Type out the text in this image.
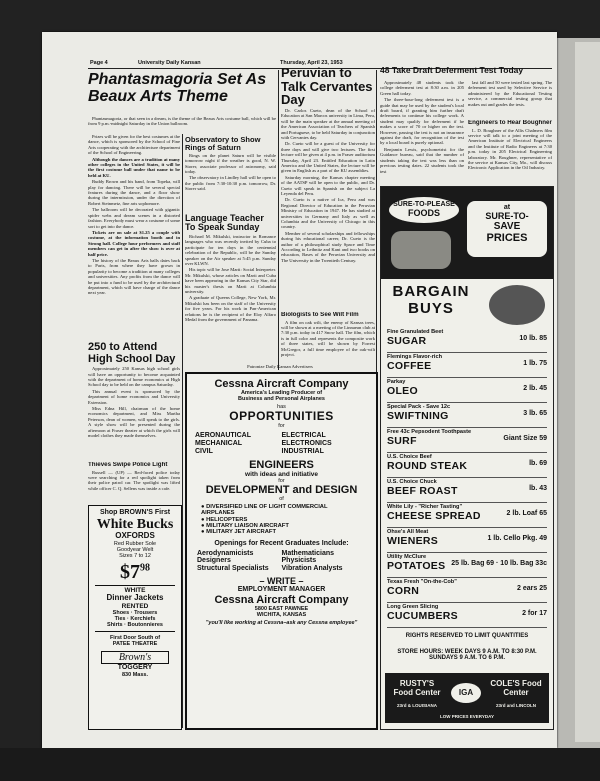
Page 4	University Daily Kansan	Thursday, April 23, 1953

Phantasmagoria Set As Beaux Arts Theme

Phantasmagoria, or that seen in a dream, is the theme of the Beaux Arts costume ball, which will be from 9 p.m.-midnight Saturday in the Union ballroom.

Prizes will be given for the best costumes at the dance, which is sponsored by the School of Fine Arts cooperating with the architecture department of the School of Engineering.

Although the dances are a tradition at many other colleges in the United States, it will be the first costume ball under that name to be held at KU.

Buddy Brown and his band, from Topeka, will play for dancing. There will be several special features during the dance, and a floor show during the intermission, under the direction of Robert Steinmetz, fine arts sophomore.

The ballroom will be decorated with gigantic spider webs and dream scenes in a distorted fashion. Everybody must wear a costume of some sort to get into the dance.

Tickets are on sale at $1.25 a couple with costume, at the information booth and in Strong hall. College hour performers and staff members can get in after the show is over at half price.

The history of the Beaux Arts balls dates back to Paris, from where they have grown in popularity to become a tradition at many colleges and universities. Any profits from the dance will be put into a fund to be used by the architectural department, which will have charge of the dance next year.

250 to Attend High School Day

Approximately 250 Kansas high school girls will have an opportunity to become acquainted with the department of home economics at High School day to be held on the campus Saturday.

This annual event is sponsored by the department of home economics and University Extension.

Miss Edna Hill, chairman of the home economics department, and Miss Martha Peterson, dean of women, will speak to the girls. A style show will be presented during the afternoon at Fraser theater at which the girls will model clothes they made themselves.

Thieves Swipe Police Light

Russell — (UP) — Red-faced police today were searching for a red spotlight taken from their police patrol car. The spotlight was lifted while officer C. Q. Sellens was inside a cafe.

Shop BROWN'S First
White Bucks
OXFORDS
Red Rubber Sole
Goodyear Welt
Sizes 7 to 12
$\$7^{98}$
WHITE
Dinner Jackets
RENTED
Shoes · Trousers
Ties · Kerchiefs
Shirts · Boutonnieres
First Door South of
PATEE THEATRE
Brown's
TOGGERY
830 Mass.

Observatory to Show Rings of Saturn

Rings on the planet Saturn will be visible tomorrow night if the weather is good, N. W. Storer, associate professor of astronomy, said today.

The observatory in Lindley hall will be open to the public from 7:30-10:30 p.m. tomorrow, Dr. Storer said.

Language Teacher To Speak Sunday

Richard M. Mikulski, instructor in Romance languages who was recently invited by Cuba to participate for ten days in the centennial celebration of the Republic, will be the Sunday speaker on the Air speaker at 5:45 p.m. Sunday over KLWN.

His topic will be Jose Marti: Social Interpreter. Mr. Mikulski, whose articles on Marti and Cuba have been appearing in the Kansas City Star, did his master's thesis on Marti at Columbia university.

A graduate of Queens College, New York, Mr. Mikulski has been on the staff of the University for five years. For his work in Pan-American relations he is the recipient of the Eloy Alfaro Medal from the government of Panama.

Patronize Daily Kansan Advertisers

Peruvian to Talk Cervantes Day

Dr. Carlos Cueto, dean of the School of Education at San Marcos university in Lima, Peru, will be the main speaker at the annual meeting of the American Association of Teachers of Spanish and Portuguese, to be held Saturday in conjunction with Cervantes day.

Dr. Cueto will be a guest of the University for three days and will give two lectures. The first lecture will be given at 4 p.m. in Fraser auditorium Thursday, April 23. Entitled Education in Latin America and the United States, the lecture will be given in English as a part of the KU assemblies.

Saturday morning, the Kansas chapter meeting of the AATSP will be open to the public, and Dr. Cueto will speak in Spanish on the subject La Leyenda del Peru.

Dr. Cueto is a native of Ica, Peru and was Regional Director of Education in the Peruvian Ministry of Education in 1947. He has studied at universities in Germany and Italy as well as Columbia and the University of Chicago in this country.

Member of several scholarships and fellowships during his educational career, Dr. Cueto is the author of a philosophical study Space and Time According to Leibnitz and Kant and two books on education, Bases of the Peruvian University and The University in the Twentieth Century.

Biologists to See Wilt Film

A film on oak wilt, the enemy of Kansas trees, will be shown at a meeting of the Linnaean club at 7:30 p.m. today in 417 Snow hall. The film, which is in full color and represents the composite work of three states, will be shown by Forrest McGregor, a full time employee of the oak-wilt project.

Cessna Aircraft Company
America's Leading Producer of
Business and Personal Airplanes
has
OPPORTUNITIES
for
AERONAUTICAL	ELECTRICAL
MECHANICAL	ELECTRONICS
CIVIL	INDUSTRIAL
ENGINEERS
with ideas and initiative
for
DEVELOPMENT and DESIGN
of
● DIVERSIFIED LINE OF LIGHT COMMERCIAL AIRPLANES
● HELICOPTERS
● MILITARY LIAISON AIRCRAFT
● MILITARY JET AIRCRAFT
Openings for Recent Graduates Include:
Aerodynamicists	Mathematicians
Designers	Physicists
Structural Specialists	Vibration Analysts
– WRITE –
EMPLOYMENT MANAGER
Cessna Aircraft Company
5800 EAST PAWNEE
WICHITA, KANSAS
"you'll like working at Cessna–ask any Cessna employee"

48 Take Draft Deferment Test Today

Approximately 48 students took the college deferment test at 8:30 a.m. in 205 Green hall today.

The three-hour-long deferment test is a guide that may be used by the student's local draft board, if granting him further draft deferments to continue his college work. A student may qualify for deferment if he makes a score of 70 or higher on the test. However, passing the test is not an insurance against the draft, for recognition of the test by a local board is purely optional.

Benjamin Lewis, psychometrist for the Guidance bureau, said that the number of students taking the test was less than on previous testing dates. 22 students took the test

last fall and 50 were tested last spring. The deferment test used by Selective Service is administered by the Educational Testing service, a commercial testing group that makes out and grades the tests.

Engineers to Hear Boughner

L. D. Boughner of the Allis Chalmers film service will talk to a joint meeting of the American Institute of Electrical Engineers and the Institute of Radio Engineers at 7:30 p.m. today in 205 Electrical Engineering laboratory. Mr. Boughner, representative of the service at Kansas City, Mo., will discuss Electronic Application in the Oil Industry.

SURE-TO-PLEASE
FOODS
at
SURE-TO-
SAVE
PRICES
BARGAIN
BUYS
Fine Granulated Beet
SUGAR	10 lb. 85
Flemings Flavor-rich
COFFEE	1 lb. 75
Parkay
OLEO	2 lb. 45
Special Pack - Save 12c
SWIFTNING	3 lb. 65
Free 43c Pepsodent Toothpaste
SURF	Giant Size 59
U.S. Choice Beef
ROUND STEAK	lb. 69
U.S. Choice Chuck
BEEF ROAST	lb. 43
White Lily - "Richer Tasting"
CHEESE SPREAD	2 lb. Loaf 65
Ohse's All Meat
WIENERS	1 lb. Cello Pkg. 49
Utility McClure
POTATOES 25 lb. Bag 69 · 10 lb. Bag 33c
Texas Fresh "On-the-Cob"
CORN	2 ears 25
Long Green Slicing
CUCUMBERS	2 for 17
RIGHTS RESERVED TO LIMIT QUANTITIES
STORE HOURS: WEEK DAYS 9 A.M. TO 8:30 P.M.
SUNDAYS 9 A.M. TO 6 P.M.
RUSTY'S Food Center
23rd & LOUISIANA
IGA
COLE'S Food Center
23rd and LINCOLN
LOW PRICES EVERYDAY
